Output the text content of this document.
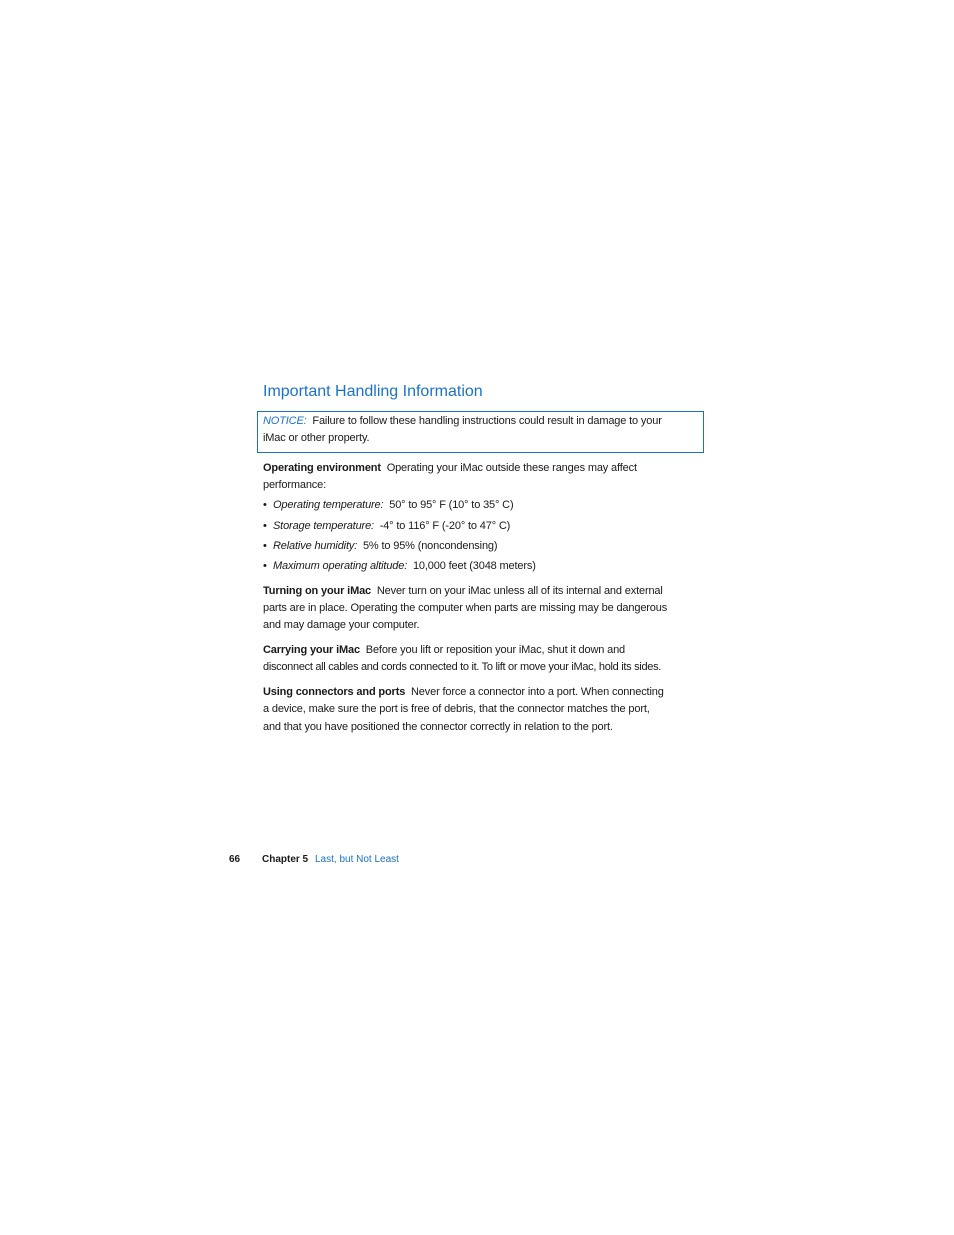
Important Handling Information
NOTICE: Failure to follow these handling instructions could result in damage to your
iMac or other property.
Operating environment Operating your iMac outside these ranges may affect
performance:
• Operating temperature: 50° to 95° F (10° to 35° C)
• Storage temperature: -4° to 116° F (-20° to 47° C)
• Relative humidity: 5% to 95% (noncondensing)
• Maximum operating altitude: 10,000 feet (3048 meters)
Turning on your iMac Never turn on your iMac unless all of its internal and external
parts are in place. Operating the computer when parts are missing may be dangerous
and may damage your computer.
Carrying your iMac Before you lift or reposition your iMac, shut it down and
disconnect all cables and cords connected to it. To lift or move your iMac, hold its sides.
Using connectors and ports Never force a connector into a port. When connecting
a device, make sure the port is free of debris, that the connector matches the port,
and that you have positioned the connector correctly in relation to the port.
66 Chapter 5 Last, but Not Least
